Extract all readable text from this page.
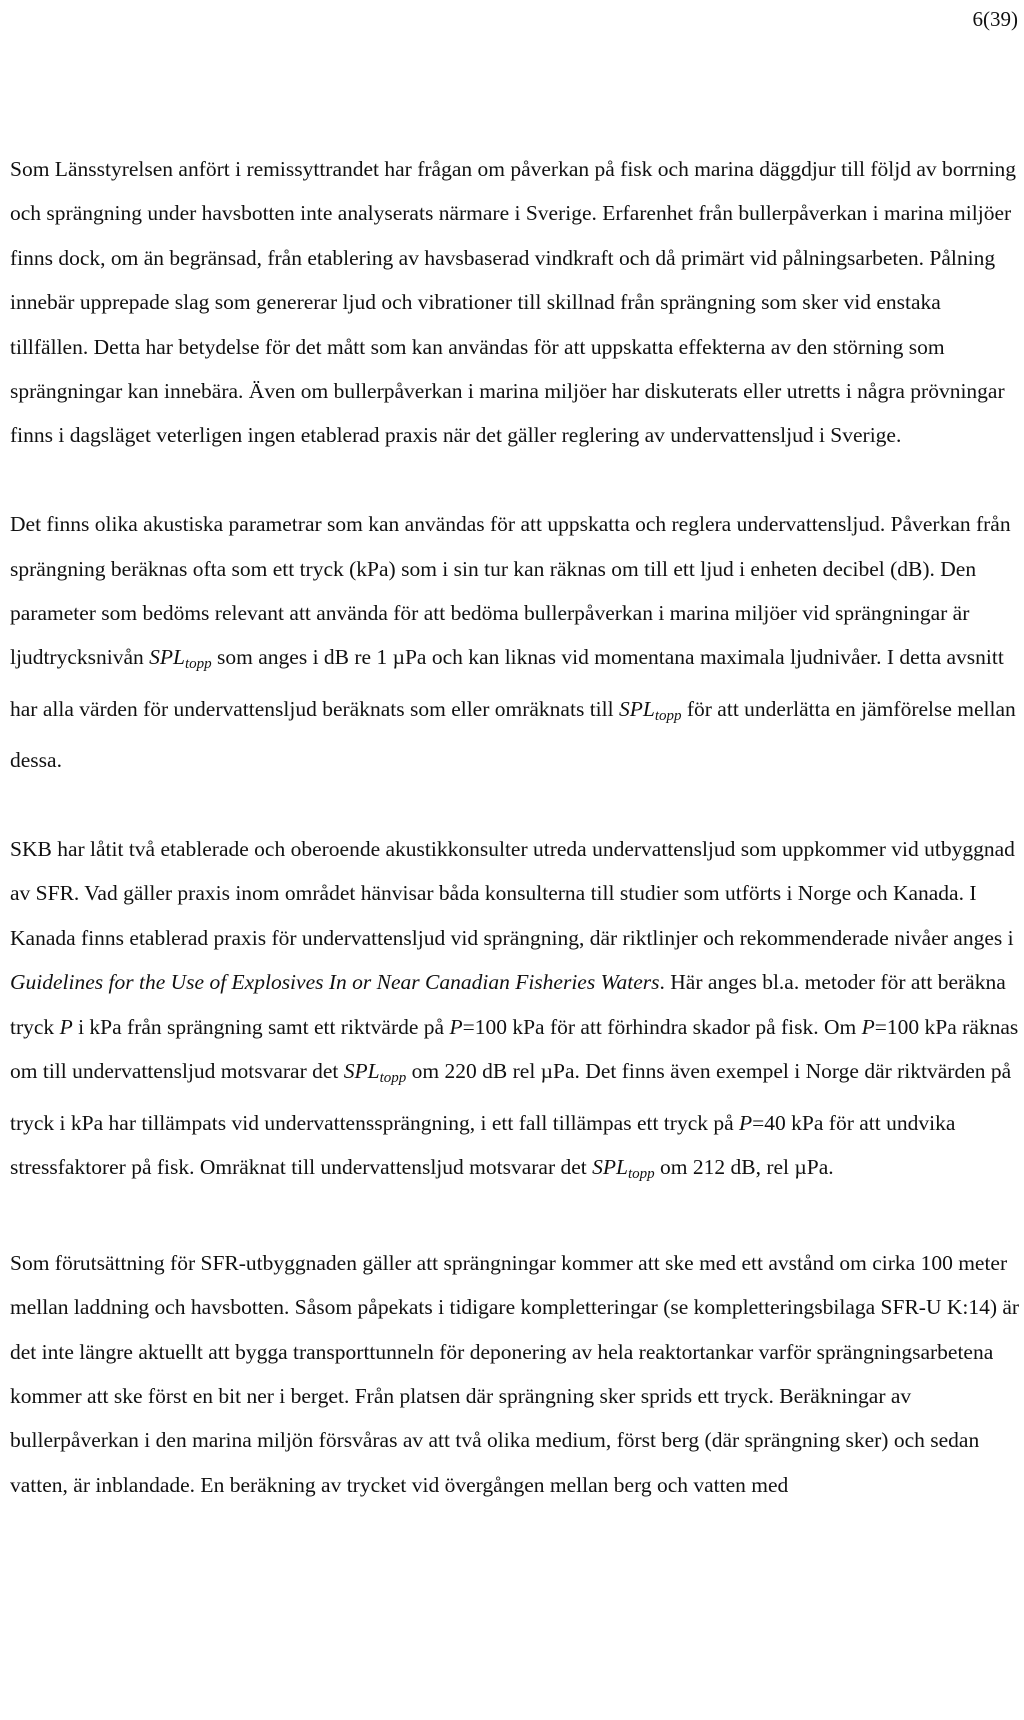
6(39)

Som Länsstyrelsen anfört i remissyttrandet har frågan om påverkan på fisk och marina däggdjur till följd av borrning och sprängning under havsbotten inte analyserats närmare i Sverige. Erfarenhet från bullerpåverkan i marina miljöer finns dock, om än begränsad, från etablering av havsbaserad vindkraft och då primärt vid pålningsarbeten. Pålning innebär upprepade slag som genererar ljud och vibrationer till skillnad från sprängning som sker vid enstaka tillfällen. Detta har betydelse för det mått som kan användas för att uppskatta effekterna av den störning som sprängningar kan innebära. Även om bullerpåverkan i marina miljöer har diskuterats eller utretts i några prövningar finns i dagsläget veterligen ingen etablerad praxis när det gäller reglering av undervattensljud i Sverige.

Det finns olika akustiska parametrar som kan användas för att uppskatta och reglera undervattensljud. Påverkan från sprängning beräknas ofta som ett tryck (kPa) som i sin tur kan räknas om till ett ljud i enheten decibel (dB). Den parameter som bedöms relevant att använda för att bedöma bullerpåverkan i marina miljöer vid sprängningar är ljudtrycksnivån $SPL_{topp}$ som anges i dB re 1 µPa och kan liknas vid momentana maximala ljudnivåer. I detta avsnitt har alla värden för undervattensljud beräknats som eller omräknats till $SPL_{topp}$ för att underlätta en jämförelse mellan dessa.

SKB har låtit två etablerade och oberoende akustikkonsulter utreda undervattensljud som uppkommer vid utbyggnad av SFR. Vad gäller praxis inom området hänvisar båda konsulterna till studier som utförts i Norge och Kanada. I Kanada finns etablerad praxis för undervattensljud vid sprängning, där riktlinjer och rekommenderade nivåer anges i Guidelines for the Use of Explosives In or Near Canadian Fisheries Waters. Här anges bl.a. metoder för att beräkna tryck P i kPa från sprängning samt ett riktvärde på P=100 kPa för att förhindra skador på fisk. Om P=100 kPa räknas om till undervattensljud motsvarar $\det SPL_{topp}$ om 220 dB rel µPa. Det finns även exempel i Norge där riktvärden på tryck i kPa har tillämpats vid undervattenssprängning, i ett fall tillämpas ett tryck på P=40 kPa för att undvika stressfaktorer på fisk. Omräknat till undervattensljud motsvarar $\det SPL_{topp}$ om 212 dB, rel µPa.

Som förutsättning för SFR-utbyggnaden gäller att sprängningar kommer att ske med ett avstånd om cirka 100 meter mellan laddning och havsbotten. Såsom påpekats i tidigare kompletteringar (se kompletteringsbilaga SFR-U K:14) är det inte längre aktuellt att bygga transporttunneln för deponering av hela reaktortankar varför sprängningsarbetena kommer att ske först en bit ner i berget. Från platsen där sprängning sker sprids ett tryck. Beräkningar av bullerpåverkan i den marina miljön försvåras av att två olika medium, först berg (där sprängning sker) och sedan vatten, är inblandade. En beräkning av trycket vid övergången mellan berg och vatten med
